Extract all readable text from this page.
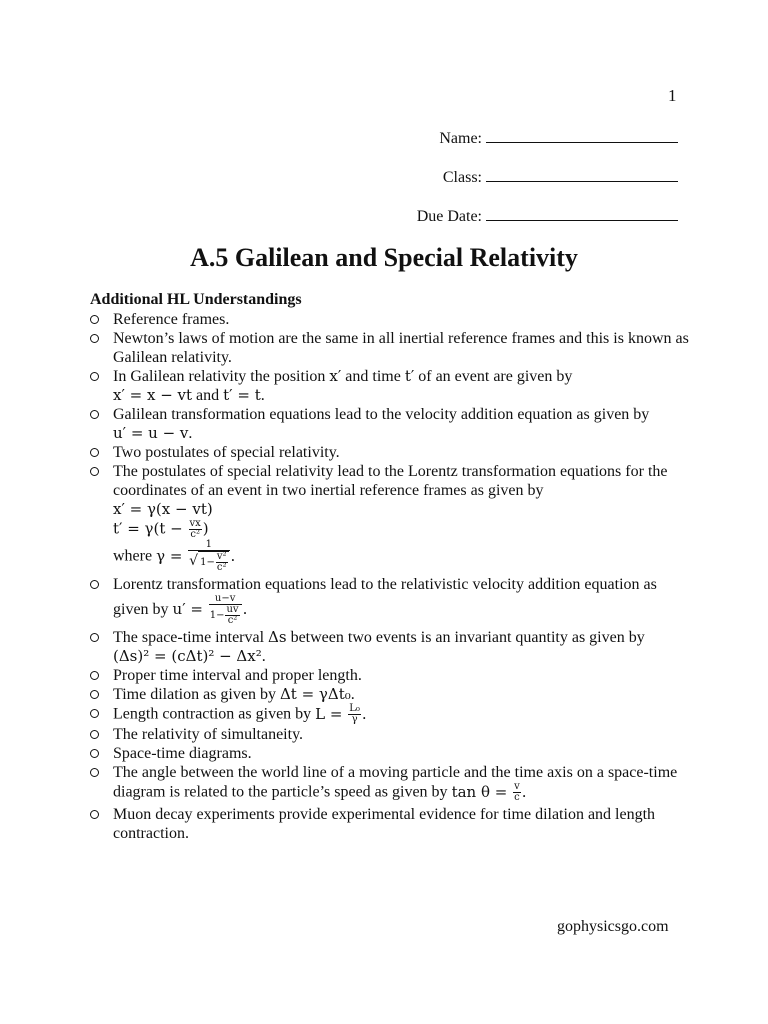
1
Name:
Class:
Due Date:
A.5 Galilean and Special Relativity
Additional HL Understandings
Reference frames.
Newton’s laws of motion are the same in all inertial reference frames and this is known as Galilean relativity.
In Galilean relativity the position x′ and time t′ of an event are given by
x′ = x − vt and t′ = t.
Galilean transformation equations lead to the velocity addition equation as given by u′ = u − v.
Two postulates of special relativity.
The postulates of special relativity lead to the Lorentz transformation equations for the coordinates of an event in two inertial reference frames as given by
x′ = γ(x − vt)
$t' = \gamma(t - \frac{vx}{\text{c²}}$ )
where $\gamma = \frac{1}{√ 1- \frac{\text{v²}}{\text{c²}}}$ .
Lorentz transformation equations lead to the relativistic velocity addition equation as given by $u' = \frac{u-v}{1- \frac{uv}{\text{c²}}}$ .
The space-time interval Δs between two events is an invariant quantity as given by (Δs)² = (cΔt)² − Δx².
Proper time interval and proper length.
Time dilation as given by Δt = γΔt₀.
Length contraction as given by $L = \frac{\text{L₀}}{\gamma}$ .
The relativity of simultaneity.
Space-time diagrams.
The angle between the world line of a moving particle and the time axis on a space-time diagram is related to the particle’s speed as given by $\tan \theta = \frac{v}{c}$ .
Muon decay experiments provide experimental evidence for time dilation and length contraction.
gophysicsgo.com
